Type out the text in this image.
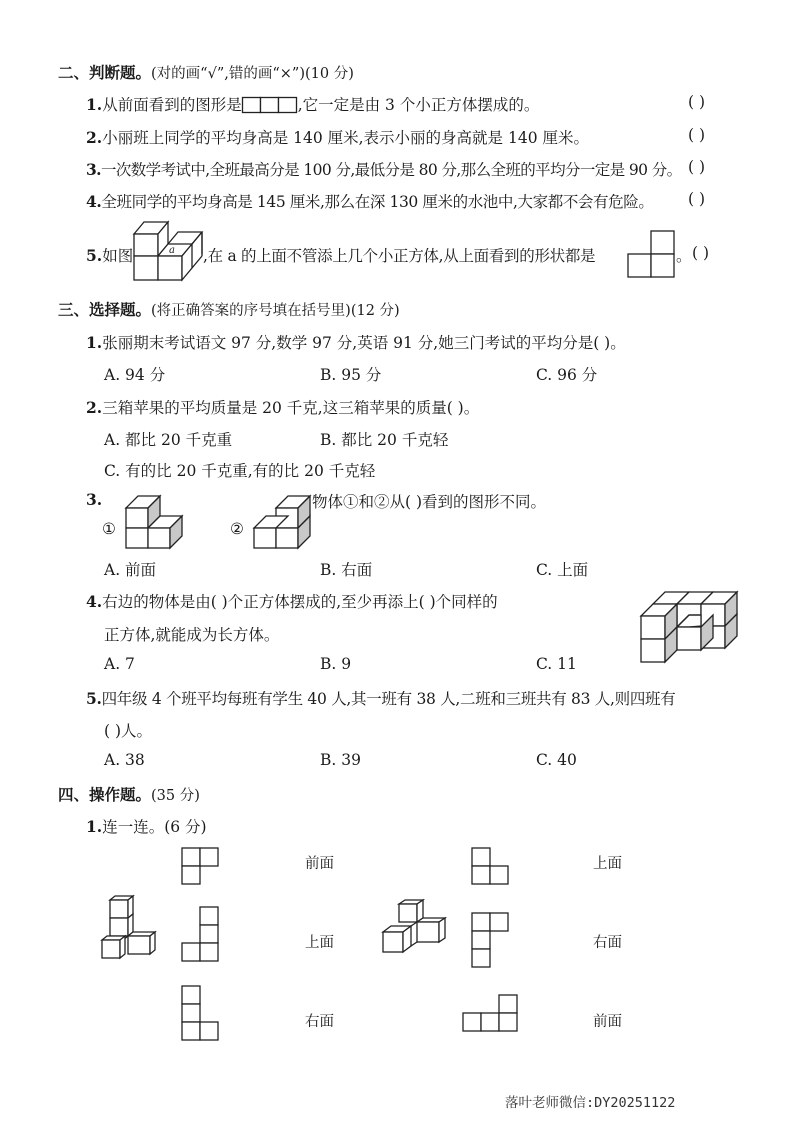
二、判断题。(对的画“√”,错的画“×”)(10 分)
1.从前面看到的图形是	,它一定是由 3 个小正方体摆成的。	( )
2.小丽班上同学的平均身高是 140 厘米,表示小丽的身高就是 140 厘米。	( )
3.一次数学考试中,全班最高分是 100 分,最低分是 80 分,那么全班的平均分一定是 90 分。 ( )
4.全班同学的平均身高是 145 厘米,那么在深 130 厘米的水池中,大家都不会有危险。 ( )
5.如图	a ,在 a 的上面不管添上几个小正方体,从上面看到的形状都是	。 ( )
三、选择题。(将正确答案的序号填在括号里)(12 分)
1.张丽期末考试语文 97 分,数学 97 分,英语 91 分,她三门考试的平均分是( )。
A. 94 分	B. 95 分	C. 96 分
2.三箱苹果的平均质量是 20 千克,这三箱苹果的质量( )。
A. 都比 20 千克重	B. 都比 20 千克轻
C. 有的比 20 千克重,有的比 20 千克轻
3.
①	②
物体①和②从( )看到的图形不同。
A. 前面	B. 右面	C. 上面
4.右边的物体是由( )个正方体摆成的,至少再添上( )个同样的
正方体,就能成为长方体。
A. 7	B. 9	C. 11
5.四年级 4 个班平均每班有学生 40 人,其一班有 38 人,二班和三班共有 83 人,则四班有
( )人。
A. 38	B. 39	C. 40
四、操作题。(35 分)
1.连一连。(6 分)
前面
上面
右面
上面
右面
前面
落叶老师微信:DY20251122
